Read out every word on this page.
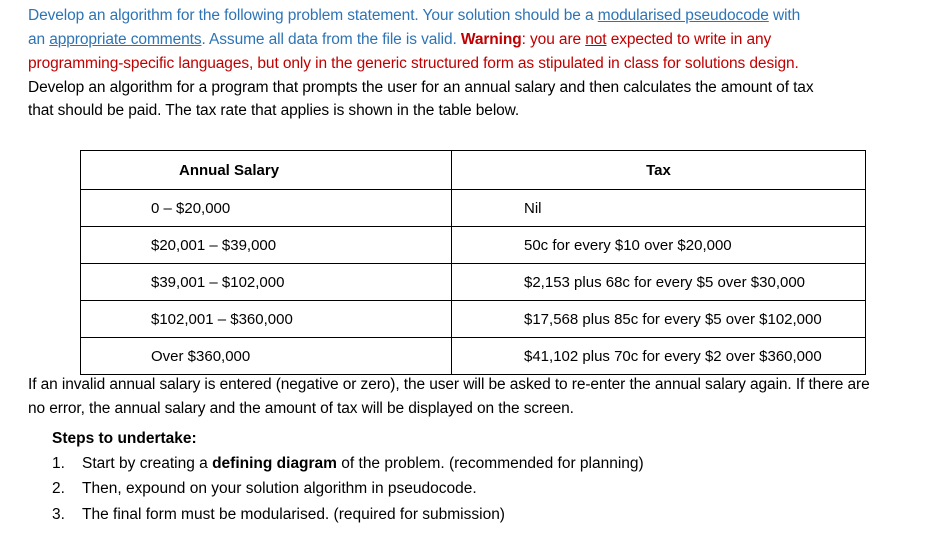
Develop an algorithm for the following problem statement. Your solution should be a modularised pseudocode with
an appropriate comments. Assume all data from the file is valid. Warning: you are not expected to write in any
programming-specific languages, but only in the generic structured form as stipulated in class for solutions design.
Develop an algorithm for a program that prompts the user for an annual salary and then calculates the amount of tax
that should be paid. The tax rate that applies is shown in the table below.
Annual Salary	Tax
0 – $20,000	Nil
$20,001 – $39,000	50c for every $10 over $20,000
$39,001 – $102,000	$2,153 plus 68c for every $5 over $30,000
$102,001 – $360,000	$17,568 plus 85c for every $5 over $102,000
Over $360,000	$41,102 plus 70c for every $2 over $360,000
If an invalid annual salary is entered (negative or zero), the user will be asked to re-enter the annual salary again. If there are
no error, the annual salary and the amount of tax will be displayed on the screen.
Steps to undertake:
1. Start by creating a defining diagram of the problem. (recommended for planning)
2. Then, expound on your solution algorithm in pseudocode.
3. The final form must be modularised. (required for submission)
